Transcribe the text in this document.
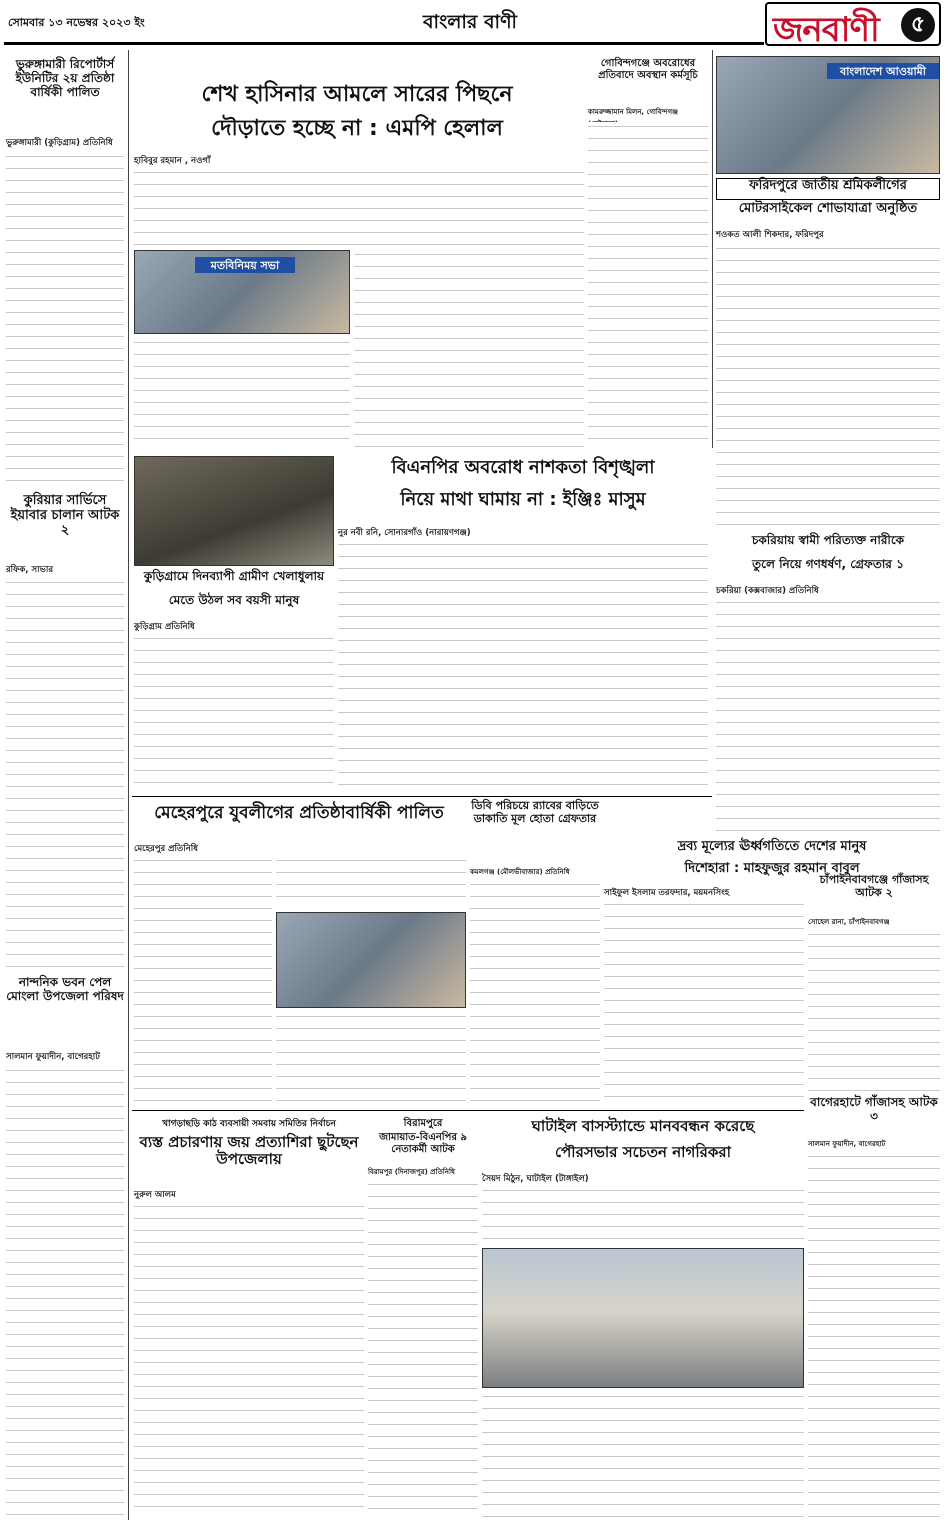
সোমবার ১৩ নভেম্বর ২০২৩ ইং	বাংলার বাণী	জনবাণী	৫
ভুরুঙ্গামারী রিপোর্টার্স ইউনিটির ২য় প্রতিষ্ঠা বার্ষিকী পালিত
ভুরুঙ্গামারী (কুড়িগ্রাম) প্রতিনিধি
কুরিয়ার সার্ভিসে ইয়াবার চালান আটক ২
রফিক, সাভার
নান্দনিক ভবন পেল মোংলা উপজেলা পরিষদ
সালমান ফুয়াদীন, বাগেরহাট
শেখ হাসিনার আমলে সারের পিছনে
দৌড়াতে হচ্ছে না : এমপি হেলাল
হাবিবুর রহমান , নওগাঁ
মতবিনিময় সভা
গোবিন্দগঞ্জে অবরোধের প্রতিবাদে অবস্থান কর্মসূচি
কামরুজ্জামান মিলন, গোবিন্দগঞ্জ
বাংলাদেশ আওয়ামী
ফরিদপুরে জাতীয় শ্রমিকলীগের
মোটরসাইকেল শোভাযাত্রা অনুষ্ঠিত
শওকত আলী শিকদার, ফরিদপুর
বিএনপির অবরোধ নাশকতা বিশৃঙ্খলা
নিয়ে মাথা ঘামায় না : ইঞ্জিঃ মাসুম
নুর নবী রনি, সোনারগাঁও (নারায়ণগঞ্জ)
কুড়িগ্রামে দিনব্যাপী গ্রামীণ খেলাধুলায়
মেতে উঠল সব বয়সী মানুষ
কুড়িগ্রাম প্রতিনিধি
চকরিয়ায় স্বামী পরিত্যক্ত নারীকে
তুলে নিয়ে গণধর্ষণ, গ্রেফতার ১
চকরিয়া (কক্সবাজার) প্রতিনিধি
মেহেরপুরে যুবলীগের প্রতিষ্ঠাবার্ষিকী পালিত
মেহেরপুর প্রতিনিধি
ডিবি পরিচয়ে র‍্যাবের বাড়িতে ডাকাতি মূল হোতা গ্রেফতার
কমলগঞ্জ (মৌলভীবাজার) প্রতিনিধি
দ্রব্য মূল্যের ঊর্ধ্বগতিতে দেশের মানুষ
দিশেহারা : মাহফুজুর রহমান বাবুল
সাইফুল ইসলাম তরফদার, ময়মনসিংহ
চাঁপাইনবাবগঞ্জে গাঁজাসহ আটক ২
সোহেল রানা, চাঁপাইনবাবগঞ্জ
বাগেরহাটে গাঁজাসহ আটক ৩
সালমান ফুয়াদীন, বাগেরহাট
খাগড়াছড়ি কাঠ ব্যবসায়ী সমবায় সমিতির নির্বাচন
ব্যস্ত প্রচারণায় জয় প্রত্যাশিরা ছুটছেন উপজেলায়
নুরুল আলম
বিরামপুরে
জামায়াত-বিএনপির ৯ নেতাকর্মী আটক
বিরামপুর (দিনাজপুর) প্রতিনিধি
ঘাটাইল বাসস্ট্যান্ডে মানববন্ধন করেছে
পৌরসভার সচেতন নাগরিকরা
সৈয়দ মিঠুন, ঘাটাইল (টাঙ্গাইল)
